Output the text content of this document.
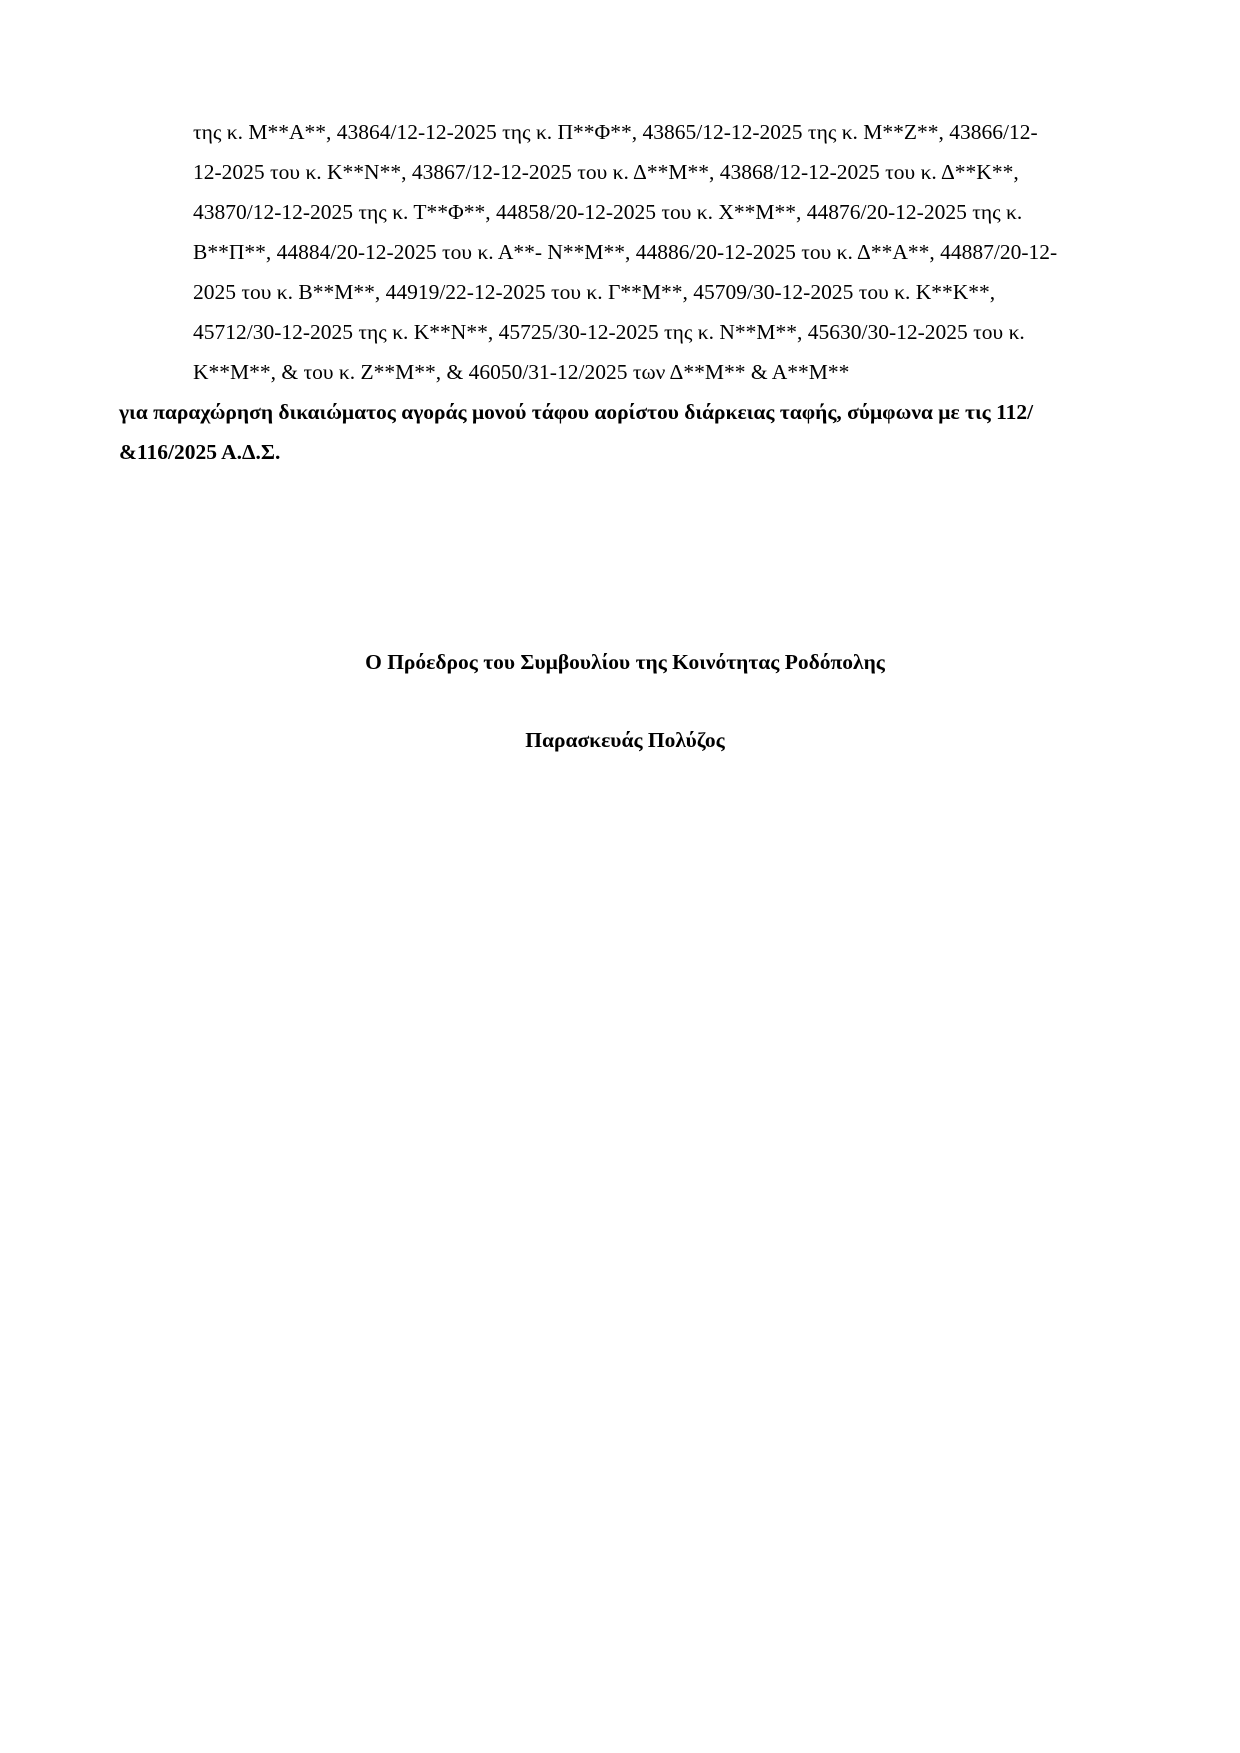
της κ. Μ**Α**, 43864/12-12-2025 της κ. Π**Φ**, 43865/12-12-2025 της κ. Μ**Ζ**, 43866/12-
12-2025 του κ. Κ**Ν**, 43867/12-12-2025 του κ. Δ**Μ**, 43868/12-12-2025 του κ. Δ**Κ**,
43870/12-12-2025 της κ. Τ**Φ**, 44858/20-12-2025 του κ. Χ**Μ**, 44876/20-12-2025 της κ.
Β**Π**, 44884/20-12-2025 του κ. Α**- Ν**Μ**, 44886/20-12-2025 του κ. Δ**Α**, 44887/20-12-
2025 του κ. Β**Μ**, 44919/22-12-2025 του κ. Γ**Μ**, 45709/30-12-2025 του κ. Κ**Κ**,
45712/30-12-2025 της κ. Κ**Ν**, 45725/30-12-2025 της κ. Ν**Μ**, 45630/30-12-2025 του κ.
Κ**Μ**, & του κ. Ζ**Μ**, & 46050/31-12/2025 των Δ**Μ** & Α**Μ**
για παραχώρηση δικαιώματος αγοράς μονού τάφου αορίστου διάρκειας ταφής, σύμφωνα με τις 112/
&116/2025 Α.Δ.Σ.
Ο Πρόεδρος του Συμβουλίου της Κοινότητας Ροδόπολης
Παρασκευάς Πολύζος
